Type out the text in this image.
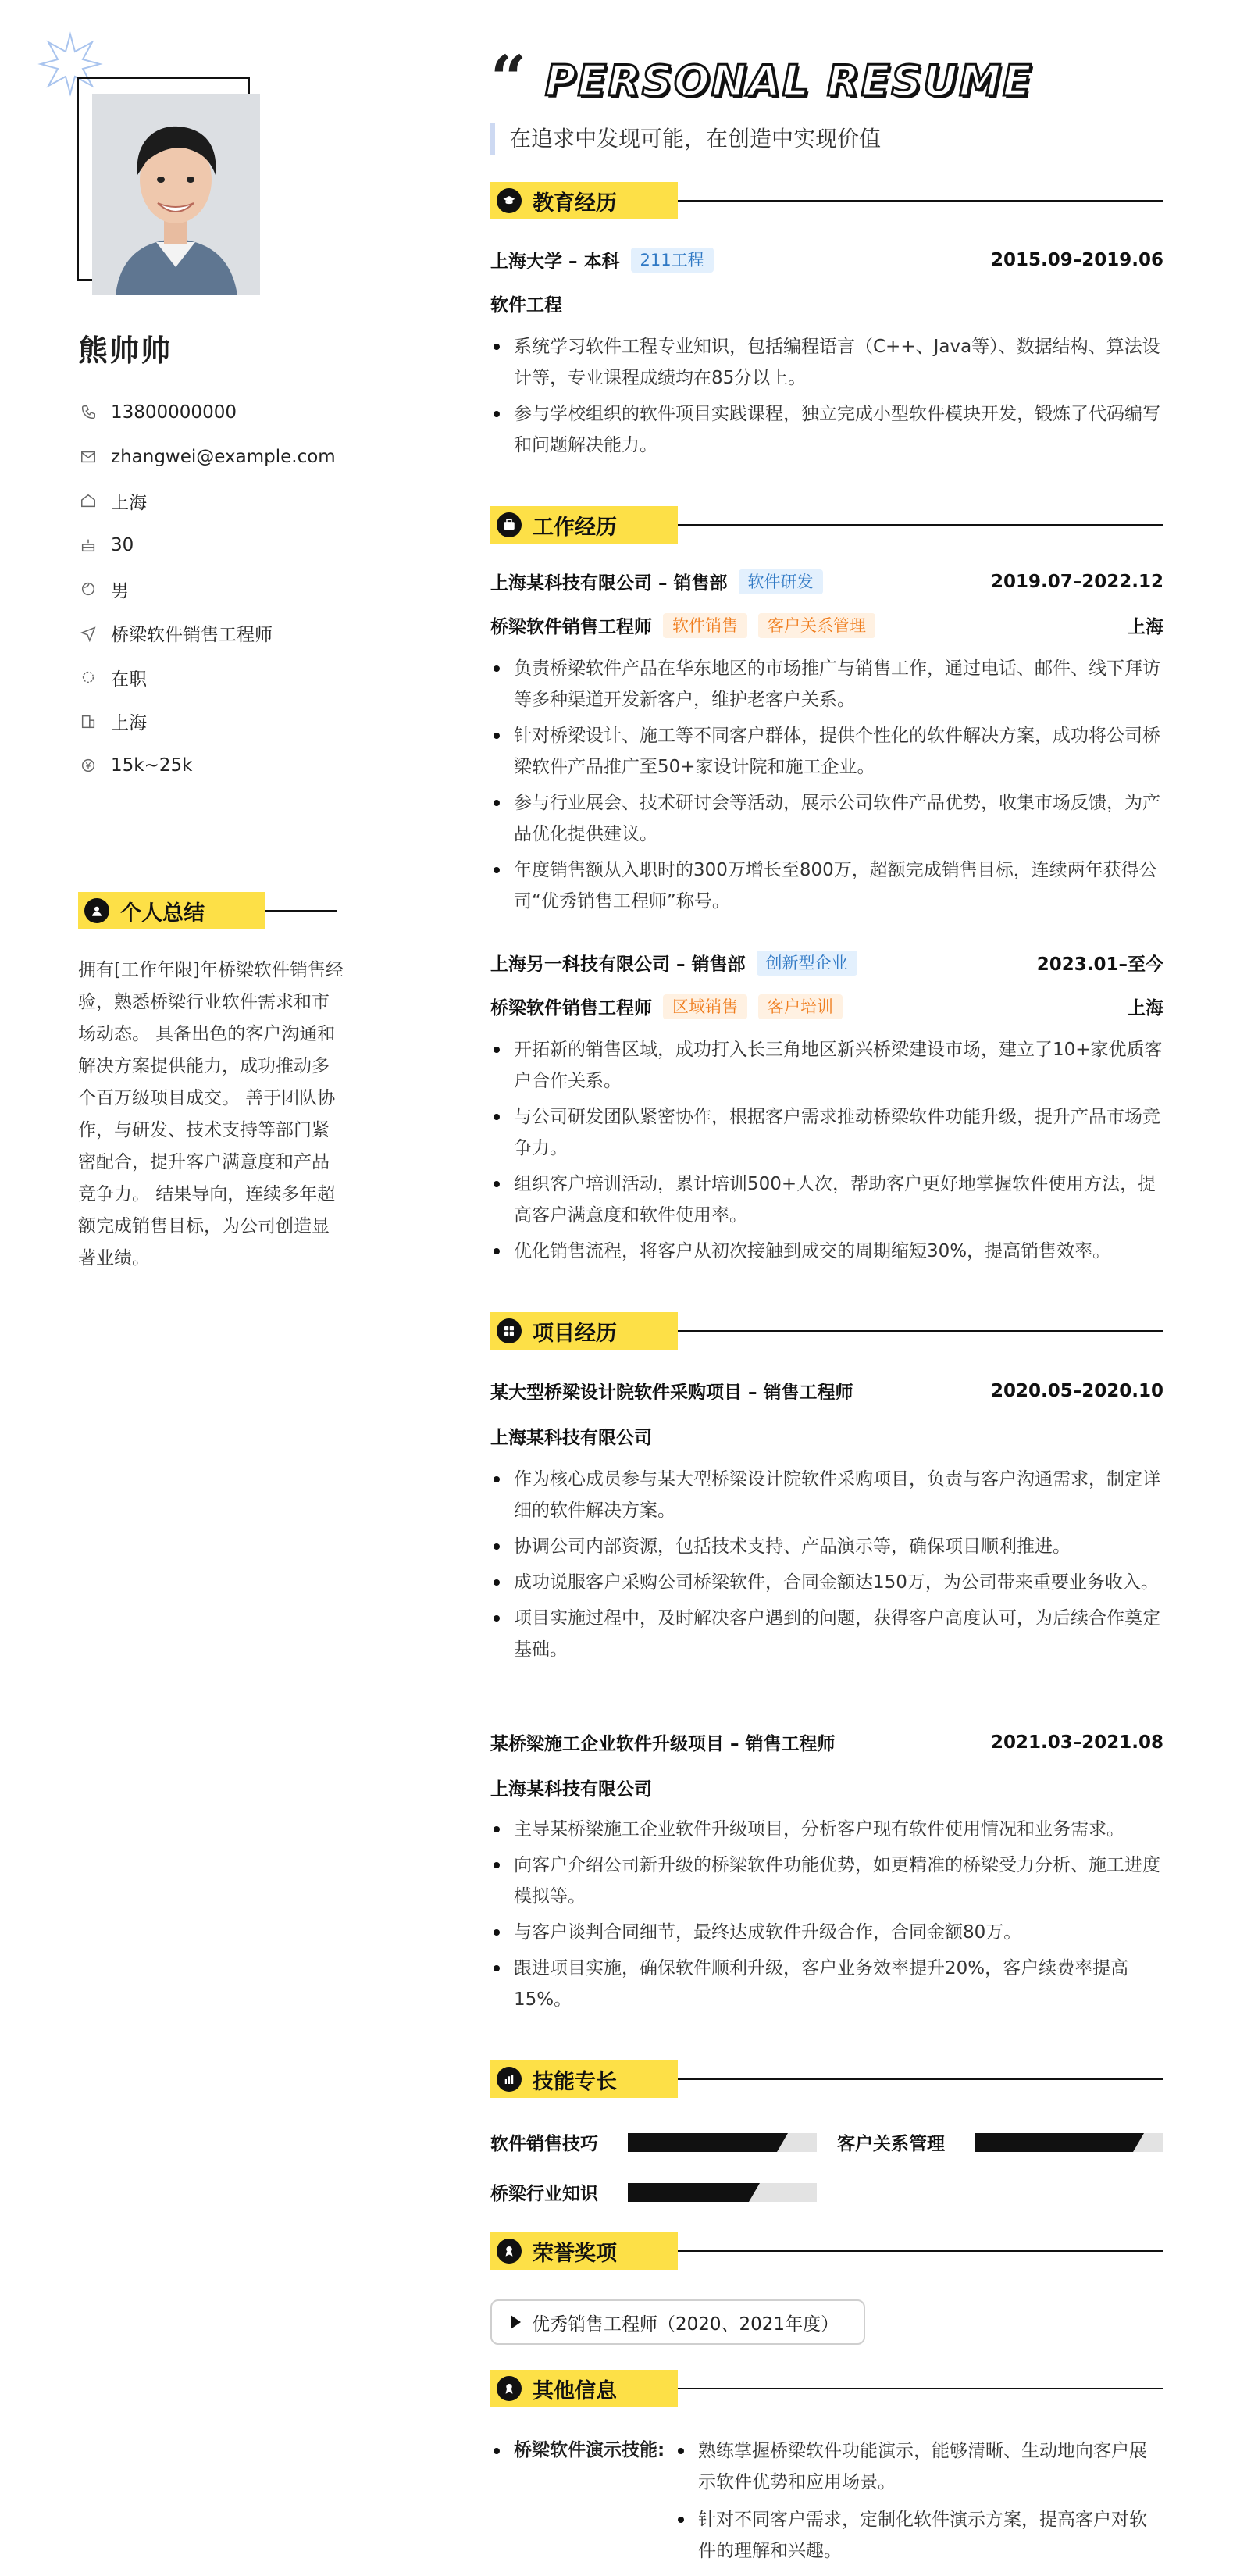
熊帅帅
13800000000
zhangwei@example.com
上海
30
男
桥梁软件销售工程师
在职
上海
15k~25k
个人总结
拥有[工作年限]年桥梁软件销售经验，熟悉桥梁行业软件需求和市场动态。 具备出色的客户沟通和解决方案提供能力，成功推动多个百万级项目成交。 善于团队协作，与研发、技术支持等部门紧密配合，提升客户满意度和产品竞争力。 结果导向，连续多年超额完成销售目标，为公司创造显著业绩。
“ PERSONAL RESUME
在追求中发现可能，在创造中实现价值
教育经历
上海大学 – 本科	211工程	2015.09–2019.06
软件工程
系统学习软件工程专业知识，包括编程语言（C++、Java等）、数据结构、算法设计等，专业课程成绩均在85分以上。
参与学校组织的软件项目实践课程，独立完成小型软件模块开发，锻炼了代码编写和问题解决能力。
工作经历
上海某科技有限公司 – 销售部	软件研发	2019.07–2022.12
桥梁软件销售工程师	软件销售	客户关系管理	上海
负责桥梁软件产品在华东地区的市场推广与销售工作，通过电话、邮件、线下拜访等多种渠道开发新客户，维护老客户关系。
针对桥梁设计、施工等不同客户群体，提供个性化的软件解决方案，成功将公司桥梁软件产品推广至50+家设计院和施工企业。
参与行业展会、技术研讨会等活动，展示公司软件产品优势，收集市场反馈，为产品优化提供建议。
年度销售额从入职时的300万增长至800万，超额完成销售目标，连续两年获得公司“优秀销售工程师”称号。
上海另一科技有限公司 – 销售部	创新型企业	2023.01–至今
桥梁软件销售工程师	区域销售	客户培训	上海
开拓新的销售区域，成功打入长三角地区新兴桥梁建设市场，建立了10+家优质客户合作关系。
与公司研发团队紧密协作，根据客户需求推动桥梁软件功能升级，提升产品市场竞争力。
组织客户培训活动，累计培训500+人次，帮助客户更好地掌握软件使用方法，提高客户满意度和软件使用率。
优化销售流程，将客户从初次接触到成交的周期缩短30%，提高销售效率。
项目经历
某大型桥梁设计院软件采购项目 – 销售工程师	2020.05–2020.10
上海某科技有限公司
作为核心成员参与某大型桥梁设计院软件采购项目，负责与客户沟通需求，制定详细的软件解决方案。
协调公司内部资源，包括技术支持、产品演示等，确保项目顺利推进。
成功说服客户采购公司桥梁软件，合同金额达150万，为公司带来重要业务收入。
项目实施过程中，及时解决客户遇到的问题，获得客户高度认可，为后续合作奠定基础。
某桥梁施工企业软件升级项目 – 销售工程师	2021.03–2021.08
上海某科技有限公司
主导某桥梁施工企业软件升级项目，分析客户现有软件使用情况和业务需求。
向客户介绍公司新升级的桥梁软件功能优势，如更精准的桥梁受力分析、施工进度模拟等。
与客户谈判合同细节，最终达成软件升级合作，合同金额80万。
跟进项目实施，确保软件顺利升级，客户业务效率提升20%，客户续费率提高15%。
技能专长
软件销售技巧	客户关系管理
桥梁行业知识
荣誉奖项
优秀销售工程师（2020、2021年度）
其他信息
桥梁软件演示技能:	熟练掌握桥梁软件功能演示，能够清晰、生动地向客户展示软件优势和应用场景。
针对不同客户需求，定制化软件演示方案，提高客户对软件的理解和兴趣。
